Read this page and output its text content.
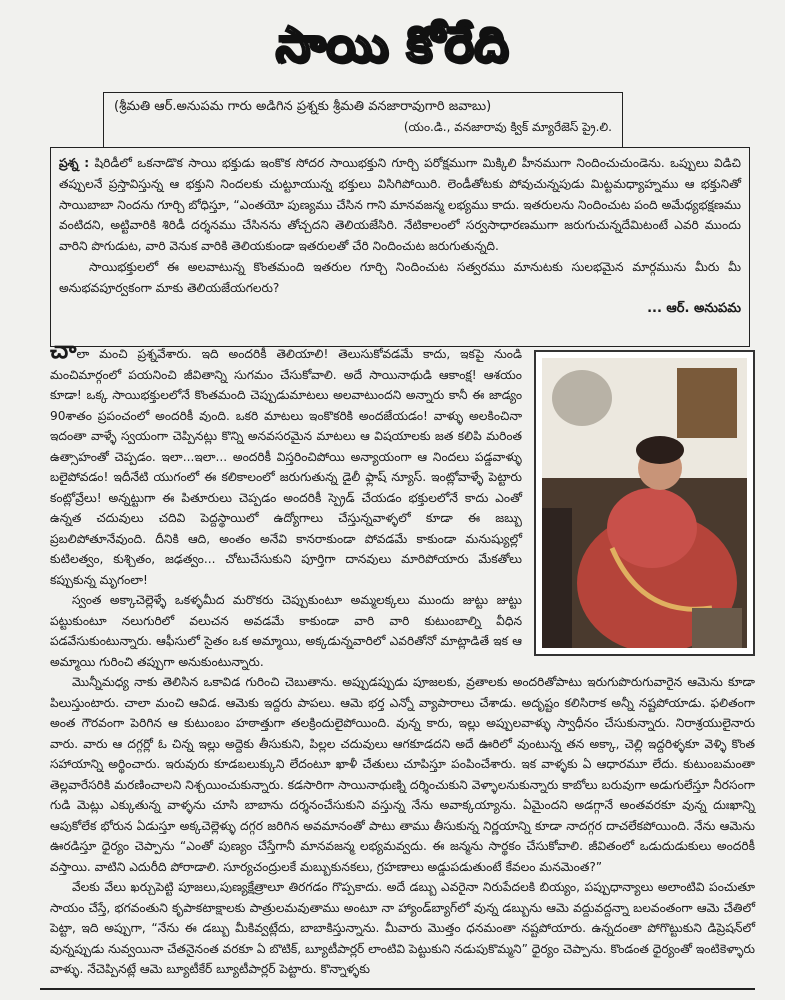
సాయి కోరేది
(శ్రీమతి ఆర్.అనుపమ గారు అడిగిన ప్రశ్నకు శ్రీమతి వనజారావుగారి జవాబు)
(యం.డి., వనజారావు క్విక్ మ్యారేజెస్ ప్రై.లి.
ప్రశ్న : షిరిడీలో ఒకనాడొక సాయి భక్తుడు ఇంకొక సోదర సాయిభక్తుని గూర్చి పరోక్షముగా మిక్కిలి హీనముగా నిందించుచుండెను. ఒప్పులు విడిచి తప్పులనే ప్రస్తావిస్తున్న ఆ భక్తుని నిందలకు చుట్టూయున్న భక్తులు విసిగిపోయిరి. లెండీతోటకు పోవుచున్నపుడు మిట్టమధ్యాహ్నము ఆ భక్తునితో సాయిబాబా నిందను గూర్చి బోధిస్తూ, “ఎంతయో పుణ్యము చేసిన గాని మానవజన్మ లభ్యము కాదు. ఇతరులను నిందించుట పంది అమేధ్యభక్షణము వంటిదని, అట్టివారికి శిరిడీ దర్శనము చేసినను తోచ్చదని తెలియజేసిరి. నేటికాలంలో సర్వసాధారణముగా జరుగుచున్నదేమిటంటే ఎవరి ముందు వారిని పొగుడుట, వారి వెనుక వారికి తెలియకుండా ఇతరులతో చేరి నిందించుట జరుగుతున్నది.
సాయిభక్తులలో ఈ అలవాటున్న కొంతమంది ఇతరుల గూర్చి నిందించుట సత్వరము మానుటకు సులభమైన మార్గమును మీరు మీ అనుభవపూర్వకంగా మాకు తెలియజేయగలరు?
... ఆర్. అనుపమ

చాలా మంచి ప్రశ్నవేశారు. ఇది అందరికీ తెలియాలి! తెలుసుకోవడమే కాదు, ఇకపై నుండి మంచిమార్గంలో పయనించి జీవితాన్ని సుగమం చేసుకోవాలి. అదే సాయినాథుడి ఆకాంక్ష! ఆశయం కూడా! ఒక్క సాయిభక్తులలోనే కొంతమంది చెప్పుడుమాటలు అలవాటుందని అన్నారు కానీ ఈ జాడ్యం 90శాతం ప్రపంచంలో అందరికీ వుంది. ఒకరి మాటలు ఇంకొకరికి అందజేయడం! వాళ్ళు అలకించినా ఇదంతా వాళ్ళే స్వయంగా చెప్పినట్లు కొన్ని అనవసరమైన మాటలు ఆ విషయాలకు జత కలిపి మరింత ఉత్సాహంతో చెప్పడం. ఇలా...ఇలా... అందరికీ విస్తరించిపోయి అన్యాయంగా ఆ నిందలు పడ్డవాళ్ళు బలైపోవడం! ఇదీనేటి యుగంలో ఈ కలికాలంలో జరుగుతున్న డైలీ ఫ్లాష్ న్యూస్. ఇంట్లోవాళ్ళే పెట్టారు కంట్లోవ్రేలు! అన్నట్టుగా ఈ పితూరులు చెప్పడం అందరికీ స్ప్రెడ్ చేయడం భక్తులలోనే కాదు ఎంతో ఉన్నత చదువులు చదివి పెద్దస్థాయిలో ఉద్యోగాలు చేస్తున్నవాళ్ళలో కూడా ఈ జబ్బు ప్రబలిపోతూనేవుంది. దీనికి ఆది, అంతం అనేవి కానరాకుండా పోవడమే కాకుండా మనుష్యుల్లో కుటిలత్వం, కుశ్చితం, జఢత్వం... చోటుచేసుకుని పూర్తిగా దానవులు మారిపోయారు మేకతోలు కప్పుకున్న మృగంలా!

స్వంత అక్కాచెల్లెళ్ళే ఒకళ్ళమీద మరొకరు చెప్పుకుంటూ అమ్మలక్కలు ముందు జుట్టు జుట్టు పట్టుకుంటూ నలుగురిలో వలుచన అవడమే కాకుండా వారి వారి కుటుంబాల్ని వీధిన పడవేసుకుంటున్నారు. ఆఫీసులో సైతం ఒక అమ్మాయి, అక్కడున్నవారిలో ఎవరితోనో మాట్లాడితే ఇక ఆ అమ్మాయి గురించి తప్పుగా అనుకుంటున్నారు.

మొన్నీమధ్య నాకు తెలిసిన ఒకావిడ గురించి చెబుతాను. అప్పుడప్పుడు పూజలకు, వ్రతాలకు అందరితోపాటు ఇరుగుపొరుగువారైన ఆమెను కూడా పిలుస్తుంటారు. చాలా మంచి ఆవిడ. ఆమెకు ఇద్దరు పాపలు. ఆమె భర్త ఎన్నో వ్యాపారాలు చేశాడు. అదృష్టం కలిసిరాక అన్నీ నష్టపోయాడు. ఫలితంగా అంత గౌరవంగా పెరిగిన ఆ కుటుంబం హఠాత్తుగా తలక్రిందులైపోయింది. వున్న కారు, ఇల్లు అప్పులవాళ్ళు స్వాధీనం చేసుకున్నారు. నిరాశ్రయులైనారు వారు. వారు ఆ దగ్గర్లో ఓ చిన్న ఇల్లు అద్దెకు తీసుకుని, పిల్లల చదువులు ఆగకూడదని అదే ఊరిలో వుంటున్న తన అక్కా, చెల్లి ఇద్దరిళ్ళకూ వెళ్ళి కొంత సహాయాన్ని అర్థించారు. ఇరువురు కూడబలుక్కుని లేదంటూ ఖాళీ చేతులు చూపిస్తూ పంపించేశారు. ఇక వాళ్ళకు ఏ ఆధారమూ లేదు. కుటుంబమంతా తెల్లవారేసరికి మరణించాలని నిశ్చయించుకున్నారు. కడసారిగా సాయినాథుణ్ని దర్శించుకుని వెళ్ళాలనుకున్నారు కాబోలు బరువుగా అడుగులేస్తూ నీరసంగా గుడి మెట్లు ఎక్కుతున్న వాళ్ళను చూసి బాబాను దర్శనంచేసుకుని వస్తున్న నేను అవాక్కయ్యాను. ఏమైందని అడగ్గానే అంతవరకూ వున్న దుఃఖాన్ని ఆపుకోలేక భోరున ఏడుస్తూ అక్కచెల్లెళ్ళు దగ్గర జరిగిన అవమానంతో పాటు తాము తీసుకున్న నిర్ణయాన్ని కూడా నాదగ్గర దాచలేకపోయింది. నేను ఆమెను ఊరడిస్తూ ధైర్యం చెప్పాను “ఎంతో పుణ్యం చేస్తేగానీ మానవజన్మ లభ్యమవ్వదు. ఈ జన్మను సార్థకం చేసుకోవాలి. జీవితంలో ఒడుదుడుకులు అందరికీ వస్తాయి. వాటిని ఎదురీది పోరాడాలి. సూర్యచంద్రులకే మబ్బుకునకలు, గ్రహణాలు అడ్డుపడుతుంటే కేవలం మనమెంత?”

వేలకు వేలు ఖర్చుపెట్టి పూజలు,పుణ్యక్షేత్రాలూ తిరగడం గొప్పకాదు. అదే డబ్బు ఎవరైనా నిరుపేదలకి బియ్యం, పప్పుధాన్యాలు అలాంటివి పంచుతూ సాయం చేస్తే, భగవంతుని కృపాకటాక్షాలకు పాత్రులమవుతాము అంటూ నా హ్యాండ్‌బ్యాగ్‌లో వున్న డబ్బును ఆమె వద్దువద్దన్నా బలవంతంగా ఆమె చేతిలో పెట్టా, ఇది అప్పుగా, “నేను ఈ డబ్బు మీకివ్వట్లేదు, బాబాకిస్తున్నాను. మీవారు మొత్తం ధనమంతా నష్టపోయారు. ఉన్నదంతా పోగొట్టుకుని డిప్రెషన్‌లో వున్నప్పుడు నువ్వయినా చేతనైనంత వరకూ ఏ బొటిక్, బ్యూటీపార్లర్ లాంటివి పెట్టుకుని నడుపుకొమ్మని” ధైర్యం చెప్పాను. కొండంత ధైర్యంతో ఇంటికెళ్ళారు వాళ్ళు. నేచెప్పినట్లే ఆమె బ్యూటీకేర్ బ్యూటీపార్లర్ పెట్టారు. కొన్నాళ్ళకు
